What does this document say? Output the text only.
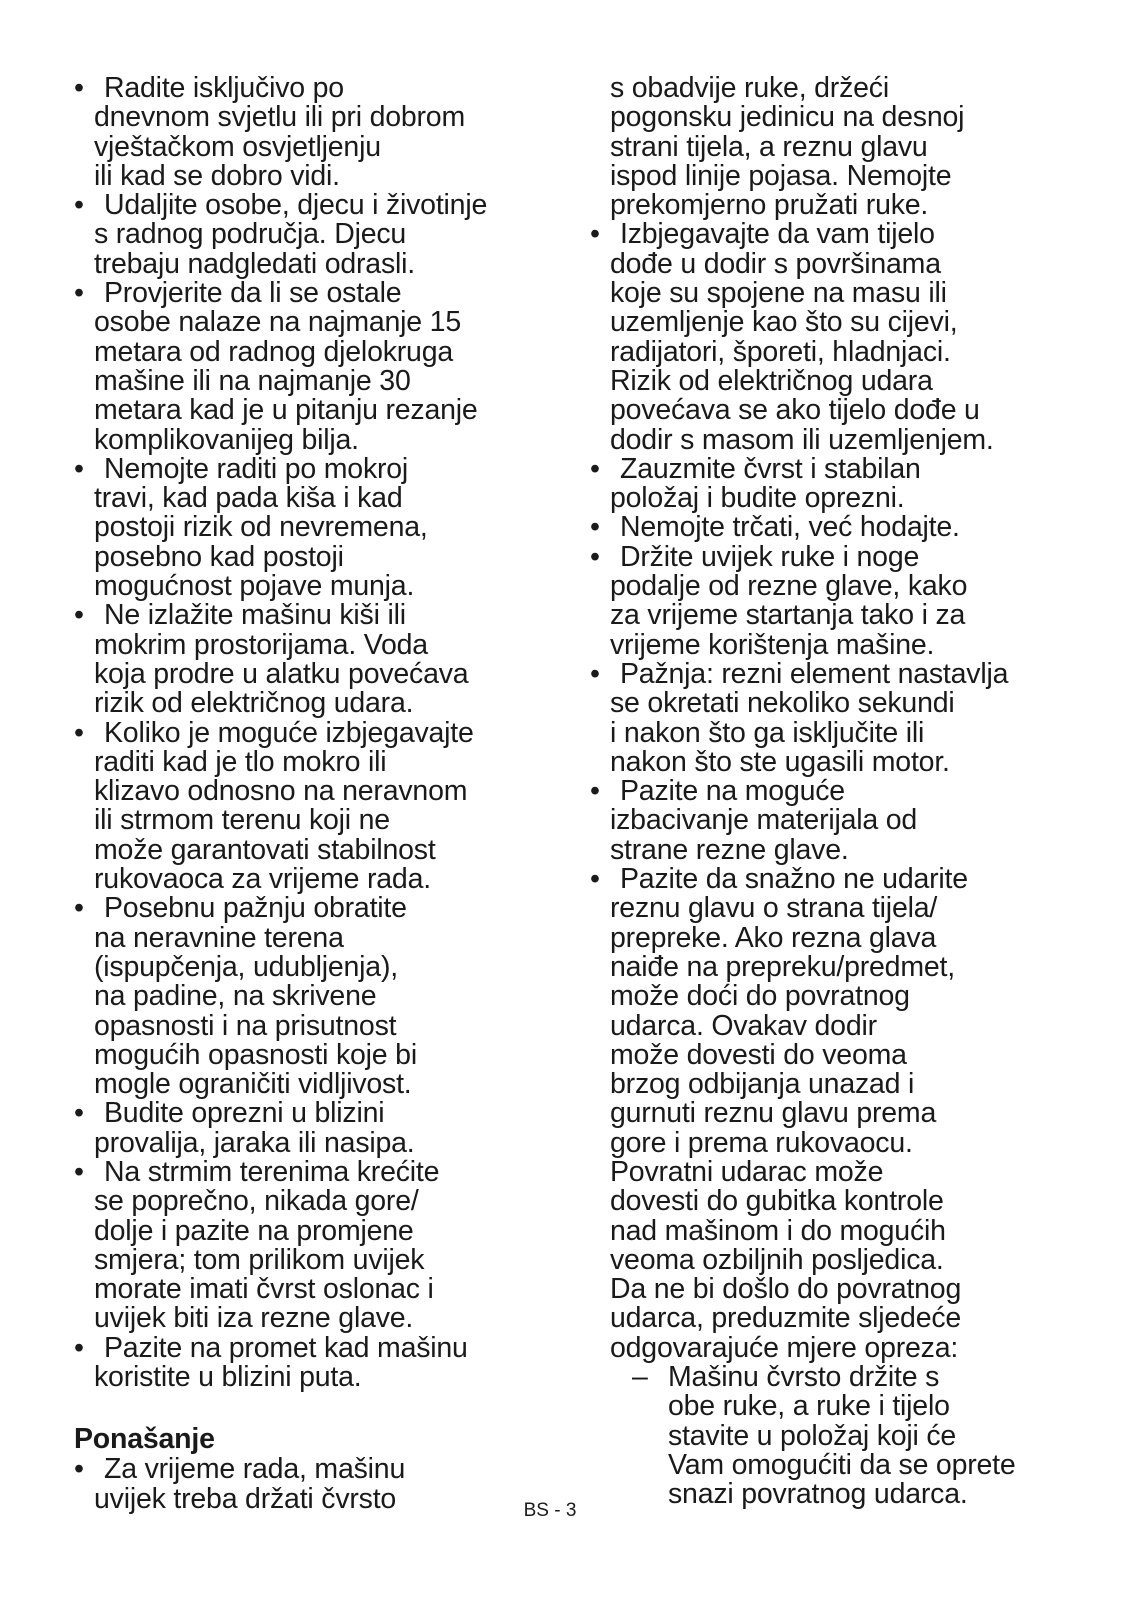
• Radite isključivo po
dnevnom svjetlu ili pri dobrom
vještačkom osvjetljenju
ili kad se dobro vidi.
• Udaljite osobe, djecu i životinje
s radnog područja. Djecu
trebaju nadgledati odrasli.
• Provjerite da li se ostale
osobe nalaze na najmanje 15
metara od radnog djelokruga
mašine ili na najmanje 30
metara kad je u pitanju rezanje
komplikovanijeg bilja.
• Nemojte raditi po mokroj
travi, kad pada kiša i kad
postoji rizik od nevremena,
posebno kad postoji
mogućnost pojave munja.
• Ne izlažite mašinu kiši ili
mokrim prostorijama. Voda
koja prodre u alatku povećava
rizik od električnog udara.
• Koliko je moguće izbjegavajte
raditi kad je tlo mokro ili
klizavo odnosno na neravnom
ili strmom terenu koji ne
može garantovati stabilnost
rukovaoca za vrijeme rada.
• Posebnu pažnju obratite
na neravnine terena
(ispupčenja, udubljenja),
na padine, na skrivene
opasnosti i na prisutnost
mogućih opasnosti koje bi
mogle ograničiti vidljivost.
• Budite oprezni u blizini
provalija, jaraka ili nasipa.
• Na strmim terenima krećite
se poprečno, nikada gore/
dolje i pazite na promjene
smjera; tom prilikom uvijek
morate imati čvrst oslonac i
uvijek biti iza rezne glave.
• Pazite na promet kad mašinu
koristite u blizini puta.
Ponašanje
• Za vrijeme rada, mašinu
uvijek treba držati čvrsto
s obadvije ruke, držeći
pogonsku jedinicu na desnoj
strani tijela, a reznu glavu
ispod linije pojasa. Nemojte
prekomjerno pružati ruke.
• Izbjegavajte da vam tijelo
dođe u dodir s površinama
koje su spojene na masu ili
uzemljenje kao što su cijevi,
radijatori, šporeti, hladnjaci.
Rizik od električnog udara
povećava se ako tijelo dođe u
dodir s masom ili uzemljenjem.
• Zauzmite čvrst i stabilan
položaj i budite oprezni.
• Nemojte trčati, već hodajte.
• Držite uvijek ruke i noge
podalje od rezne glave, kako
za vrijeme startanja tako i za
vrijeme korištenja mašine.
• Pažnja: rezni element nastavlja
se okretati nekoliko sekundi
i nakon što ga isključite ili
nakon što ste ugasili motor.
• Pazite na moguće
izbacivanje materijala od
strane rezne glave.
• Pazite da snažno ne udarite
reznu glavu o strana tijela/
prepreke. Ako rezna glava
naiđe na prepreku/predmet,
može doći do povratnog
udarca. Ovakav dodir
može dovesti do veoma
brzog odbijanja unazad i
gurnuti reznu glavu prema
gore i prema rukovaocu.
Povratni udarac može
dovesti do gubitka kontrole
nad mašinom i do mogućih
veoma ozbiljnih posljedica.
Da ne bi došlo do povratnog
udarca, preduzmite sljedeće
odgovarajuće mjere opreza:
– Mašinu čvrsto držite s
obe ruke, a ruke i tijelo
stavite u položaj koji će
Vam omogućiti da se oprete
snazi povratnog udarca.
BS - 3
